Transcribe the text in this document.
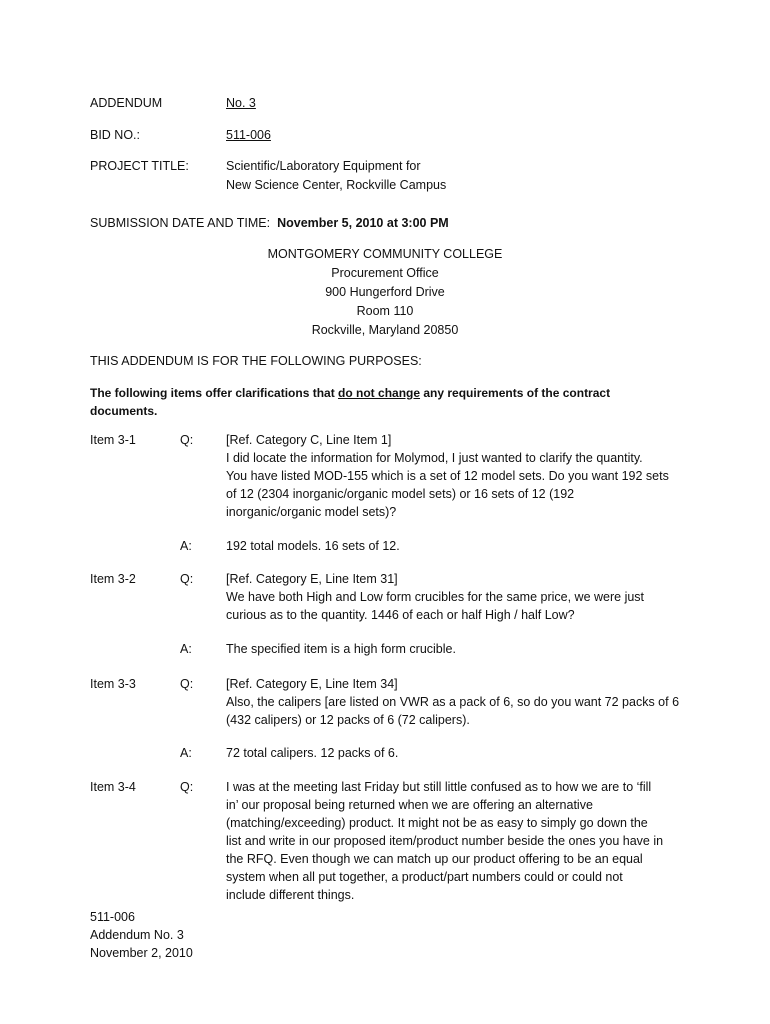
ADDENDUM	No. 3
BID NO.:	511-006
PROJECT TITLE:	Scientific/Laboratory Equipment for
New Science Center, Rockville Campus
SUBMISSION DATE AND TIME: November 5, 2010 at 3:00 PM
MONTGOMERY COMMUNITY COLLEGE
Procurement Office
900 Hungerford Drive
Room 110
Rockville, Maryland 20850
THIS ADDENDUM IS FOR THE FOLLOWING PURPOSES:
The following items offer clarifications that do not change any requirements of the contract
documents.
Item 3-1	Q:	[Ref. Category C, Line Item 1]
I did locate the information for Molymod, I just wanted to clarify the quantity.
You have listed MOD-155 which is a set of 12 model sets. Do you want 192 sets
of 12 (2304 inorganic/organic model sets) or 16 sets of 12 (192
inorganic/organic model sets)?
A:	192 total models. 16 sets of 12.
Item 3-2	Q:	[Ref. Category E, Line Item 31]
We have both High and Low form crucibles for the same price, we were just
curious as to the quantity. 1446 of each or half High / half Low?
A:	The specified item is a high form crucible.
Item 3-3	Q:	[Ref. Category E, Line Item 34]
Also, the calipers [are listed on VWR as a pack of 6, so do you want 72 packs of 6
(432 calipers) or 12 packs of 6 (72 calipers).
A:	72 total calipers. 12 packs of 6.
Item 3-4	Q:	I was at the meeting last Friday but still little confused as to how we are to ‘fill
in’ our proposal being returned when we are offering an alternative
(matching/exceeding) product. It might not be as easy to simply go down the
list and write in our proposed item/product number beside the ones you have in
the RFQ. Even though we can match up our product offering to be an equal
system when all put together, a product/part numbers could or could not
include different things.
511-006
Addendum No. 3
November 2, 2010
